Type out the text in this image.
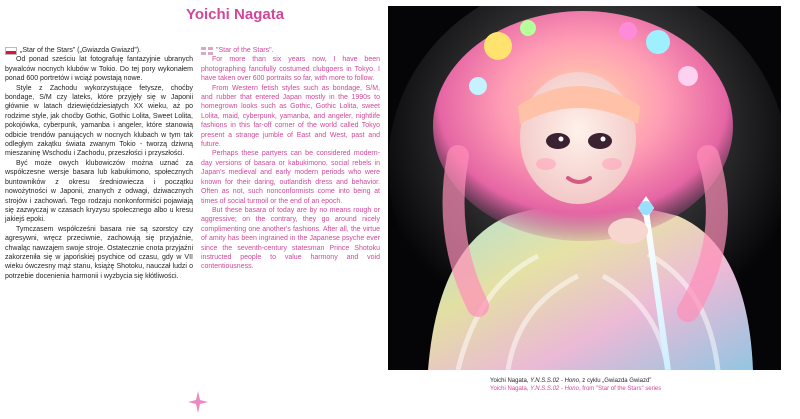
Yoichi Nagata
„Star of the Stars” („Gwiazda Gwiazd”).

Od ponad sześciu lat fotografuję fantazyjnie ubranych bywalców nocnych klubów w Tokio. Do tej pory wykonałem ponad 600 portretów i wciąż powstają nowe.

Style z Zachodu wykorzystujące fetysze, choćby bondage, S/M czy lateks, które przyjęły się w Japonii głównie w latach dziewięćdziesiątych XX wieku, aż po rodzime style, jak choćby Gothic, Gothic Lolita, Sweet Lolita, pokojówka, cyberpunk, yamanba i angeler, które stanowią odbicie trendów panujących w nocnych klubach w tym tak odległym zakątku świata zwanym Tokio - tworzą dziwną mieszaninę Wschodu i Zachodu, przeszłości i przyszłości.

Być może owych klubowiczów można uznać za współczesne wersje basara lub kabukimono, społecznych buntowników z okresu średniowiecza i początku nowożytności w Japonii, znanych z odwagi, dziwacznych strojów i zachowań. Tego rodzaju nonkonformiści pojawiają się zazwyczaj w czasach kryzysu społecznego albo u kresu jakiejś epoki.

Tymczasem współcześni basara nie są szorstcy czy agresywni, wręcz przeciwnie, zachowują się przyjaźnie, chwaląc nawzajem swoje stroje. Ostatecznie cnota przyjaźni zakorzeniła się w japońskiej psychice od czasu, gdy w VII wieku ówczesny mąż stanu, książę Shotoku, nauczał ludzi o potrzebie docenienia harmonii i wyzbycia się kłótliwości.

"Star of the Stars".

For more than six years now, I have been photographing fancifully costumed clubgoers in Tokyo. I have taken over 600 portraits so far, with more to follow.

From Western fetish styles such as bondage, S/M, and rubber that entered Japan mostly in the 1990s to homegrown looks such as Gothic, Gothic Lolita, sweet Lolita, maid, cyberpunk, yamanba, and angeler, nightlife fashions in this far-off corner of the world called Tokyo present a strange jumble of East and West, past and future.

Perhaps these partyers can be considered modern-day versions of basara or kabukimono, social rebels in Japan's medieval and early modern periods who were known for their daring, outlandish dress and behavior. Often as not, such nonconformists come into being at times of social turmoil or the end of an epoch.

But these basara of today are by no means rough or aggressive; on the contrary, they go around nicely complimenting one another's fashions. After all, the virtue of amity has been ingrained in the Japanese psyche ever since the seventh-century statesman Prince Shotoku instructed people to value harmony and void contentiousness.

Yoichi Nagata, Y.N.S.S.02 - Hono, z cyklu „Gwiazda Gwiazd”
Yoichi Nagata, Y.N.S.S.02 - Hono, from "Star of the Stars" series
